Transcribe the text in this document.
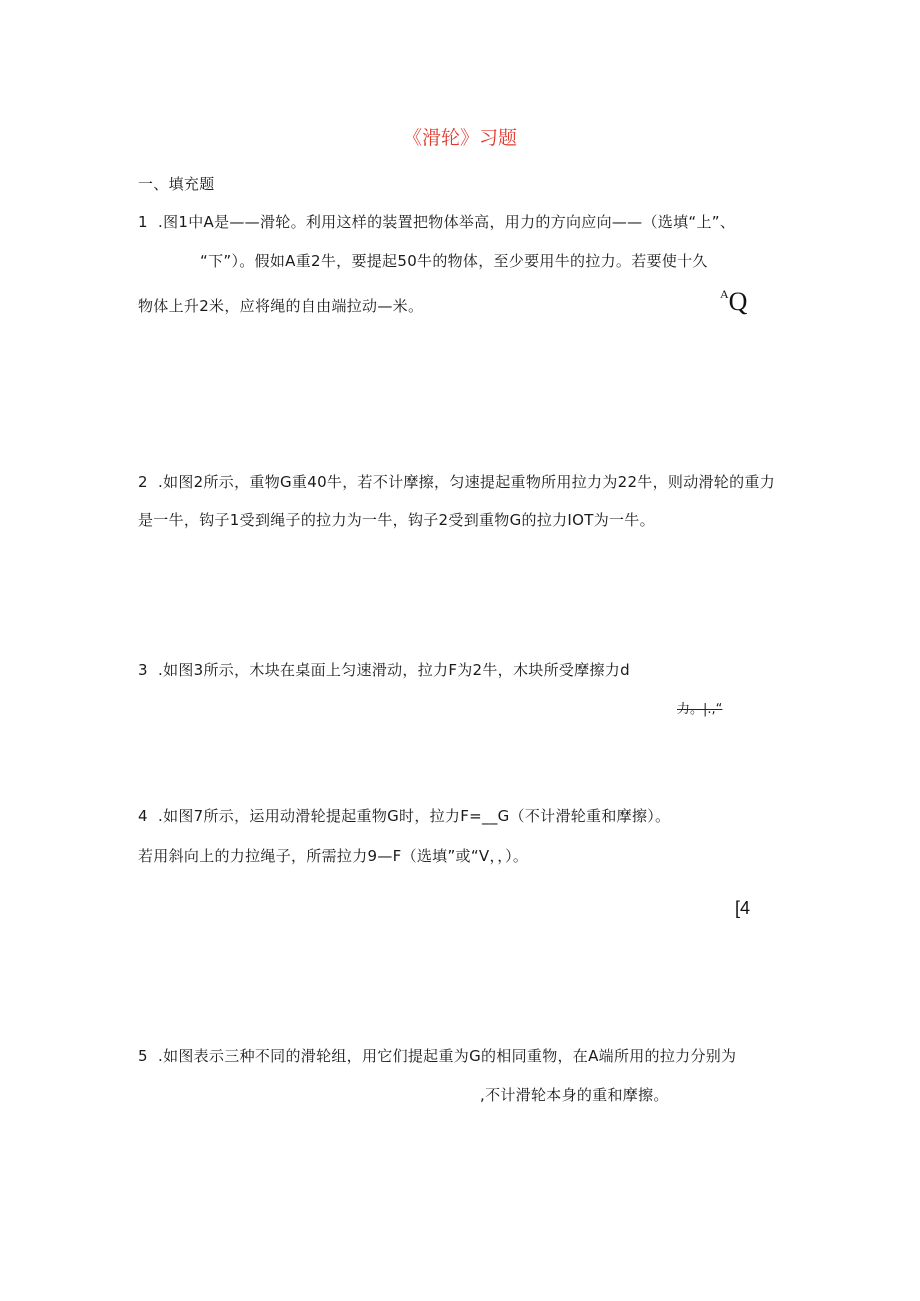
《滑轮》习题
一、填充题
1 .图1中A是——滑轮。利用这样的装置把物体举高，用力的方向应向——（选填“上”、
“下”）。假如A重2牛，要提起50牛的物体，至少要用牛的拉力。若要使十久
物体上升2米，应将绳的自由端拉动—米。
$^A$Q
2 .如图2所示，重物G重40牛，若不计摩擦，匀速提起重物所用拉力为22牛，则动滑轮的重力
是一牛，钩子1受到绳子的拉力为一牛，钩子2受到重物G的拉力IOT为一牛。
3 .如图3所示，木块在桌面上匀速滑动，拉力F为2牛，木块所受摩擦力d
力。|.,“
4 .如图7所示，运用动滑轮提起重物G时，拉力F=__G（不计滑轮重和摩擦）。
若用斜向上的力拉绳子，所需拉力9—F（选填”或“V，，）。
[4
5 .如图表示三种不同的滑轮组，用它们提起重为G的相同重物，在A端所用的拉力分别为
,不计滑轮本身的重和摩擦。
